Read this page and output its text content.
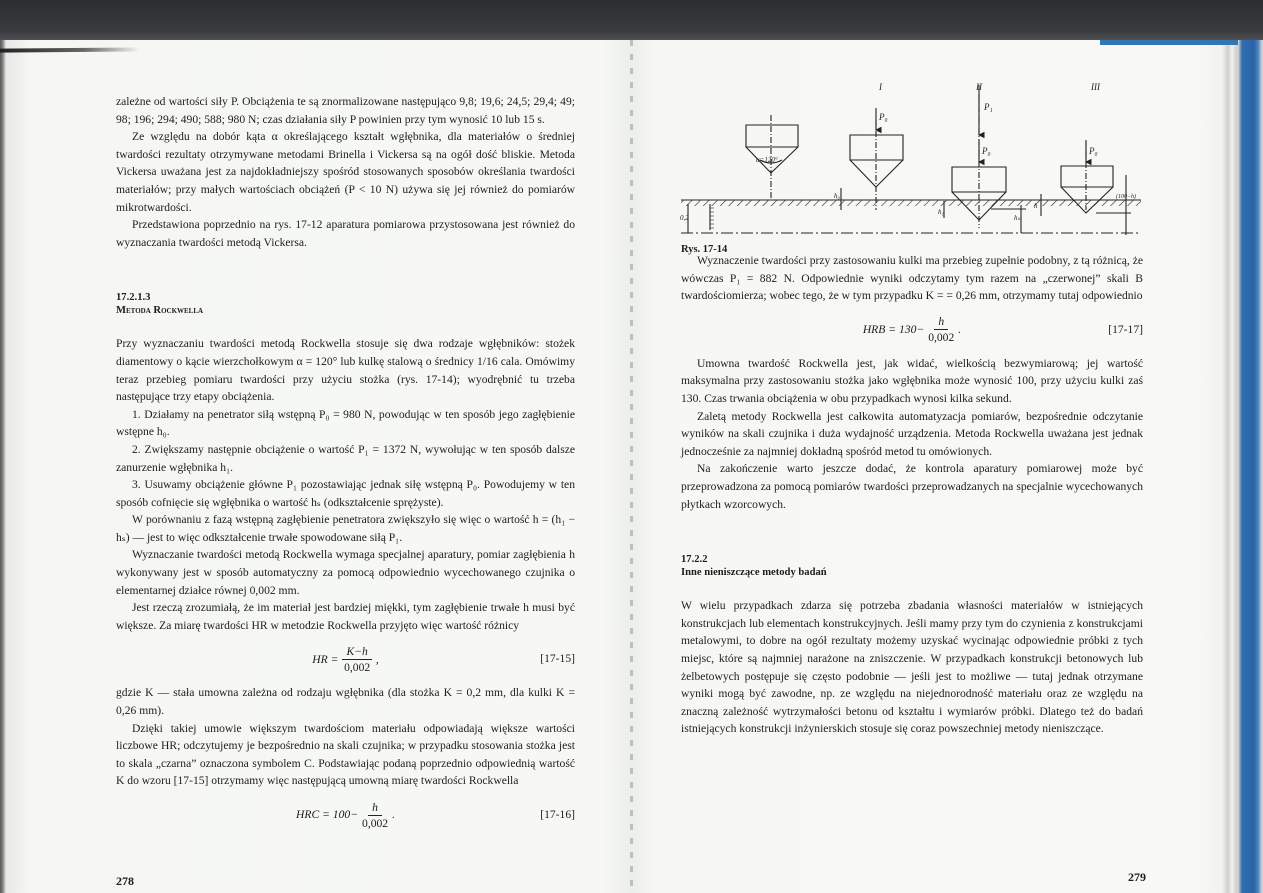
zależne od wartości siły P. Obciążenia te są znormalizowane następująco 9,8; 19,6; 24,5; 29,4; 49; 98; 196; 294; 490; 588; 980 N; czas działania siły P powinien przy tym wynosić 10 lub 15 s.

Ze względu na dobór kąta α określającego kształt wgłębnika, dla materiałów o średniej twardości rezultaty otrzymywane metodami Brinella i Vickersa są na ogół dość bliskie. Metoda Vickersa uważana jest za najdokładniejszy spośród stosowanych sposobów określania twardości materiałów; przy małych wartościach obciążeń (P < 10 N) używa się jej również do pomiarów mikrotwardości.

Przedstawiona poprzednio na rys. 17-12 aparatura pomiarowa przystosowana jest również do wyznaczania twardości metodą Vickersa.

17.2.1.3
Metoda Rockwella

Przy wyznaczaniu twardości metodą Rockwella stosuje się dwa rodzaje wgłębników: stożek diamentowy o kącie wierzchołkowym α = 120° lub kulkę stalową o średnicy 1/16 cala. Omówimy teraz przebieg pomiaru twardości przy użyciu stożka (rys. 17-14); wyodrębnić tu trzeba następujące trzy etapy obciążenia.

1. Działamy na penetrator siłą wstępną P₀ = 980 N, powodując w ten sposób jego zagłębienie wstępne h₀.

2. Zwiększamy następnie obciążenie o wartość P₁ = 1372 N, wywołując w ten sposób dalsze zanurzenie wgłębnika h₁.

3. Usuwamy obciążenie główne P₁ pozostawiając jednak siłę wstępną P₀. Powodujemy w ten sposób cofnięcie się wgłębnika o wartość hₛ (odkształcenie sprężyste).

W porównaniu z fazą wstępną zagłębienie penetratora zwiększyło się więc o wartość h = (h₁ − hₛ) — jest to więc odkształcenie trwałe spowodowane siłą P₁.

Wyznaczanie twardości metodą Rockwella wymaga specjalnej aparatury, pomiar zagłębienia h wykonywany jest w sposób automatyczny za pomocą odpowiednio wycechowanego czujnika o elementarnej działce równej 0,002 mm.

Jest rzeczą zrozumiałą, że im materiał jest bardziej miękki, tym zagłębienie trwałe h musi być większe. Za miarę twardości HR w metodzie Rockwella przyjęto więc wartość różnicy

HR = $\frac{K-h}{0,002}$ ,	[17-15]

gdzie K — stała umowna zależna od rodzaju wgłębnika (dla stożka K = 0,2 mm, dla kulki K = 0,26 mm).

Dzięki takiej umowie większym twardościom materiału odpowiadają większe wartości liczbowe HR; odczytujemy je bezpośrednio na skali czujnika; w przypadku stosowania stożka jest to skala „czarna” oznaczona symbolem C. Podstawiając podaną poprzednio odpowiednią wartość K do wzoru [17-15] otrzymamy więc następującą umowną miarę twardości Rockwella

HRC = $100- \frac{h}{0,002}$ .	[17-16]
278
I	II	III
P₁
P₀
P₀
P₀
α=120°
h₀
h₁
hₛ
h
0,2
(100−h)
Rys. 17-14

Wyznaczenie twardości przy zastosowaniu kulki ma przebieg zupełnie podobny, z tą różnicą, że wówczas P₁ = 882 N. Odpowiednie wyniki odczytamy tym razem na „czerwonej” skali B twardościomierza; wobec tego, że w tym przypadku K = = 0,26 mm, otrzymamy tutaj odpowiednio

HRB = $130- \frac{h}{0,002}$ .	[17-17]

Umowna twardość Rockwella jest, jak widać, wielkością bezwymiarową; jej wartość maksymalna przy zastosowaniu stożka jako wgłębnika może wynosić 100, przy użyciu kulki zaś 130. Czas trwania obciążenia w obu przypadkach wynosi kilka sekund.

Zaletą metody Rockwella jest całkowita automatyzacja pomiarów, bezpośrednie odczytanie wyników na skali czujnika i duża wydajność urządzenia. Metoda Rockwella uważana jest jednak jednocześnie za najmniej dokładną spośród metod tu omówionych.

Na zakończenie warto jeszcze dodać, że kontrola aparatury pomiarowej może być przeprowadzona za pomocą pomiarów twardości przeprowadzanych na specjalnie wycechowanych płytkach wzorcowych.

17.2.2
Inne nieniszczące metody badań

W wielu przypadkach zdarza się potrzeba zbadania własności materiałów w istniejących konstrukcjach lub elementach konstrukcyjnych. Jeśli mamy przy tym do czynienia z konstrukcjami metalowymi, to dobre na ogół rezultaty możemy uzyskać wycinając odpowiednie próbki z tych miejsc, które są najmniej narażone na zniszczenie. W przypadkach konstrukcji betonowych lub żelbetowych postępuje się często podobnie — jeśli jest to możliwe — tutaj jednak otrzymane wyniki mogą być zawodne, np. ze względu na niejednorodność materiału oraz ze względu na znaczną zależność wytrzymałości betonu od kształtu i wymiarów próbki. Dlatego też do badań istniejących konstrukcji inżynierskich stosuje się coraz powszechniej metody nieniszczące.

279
